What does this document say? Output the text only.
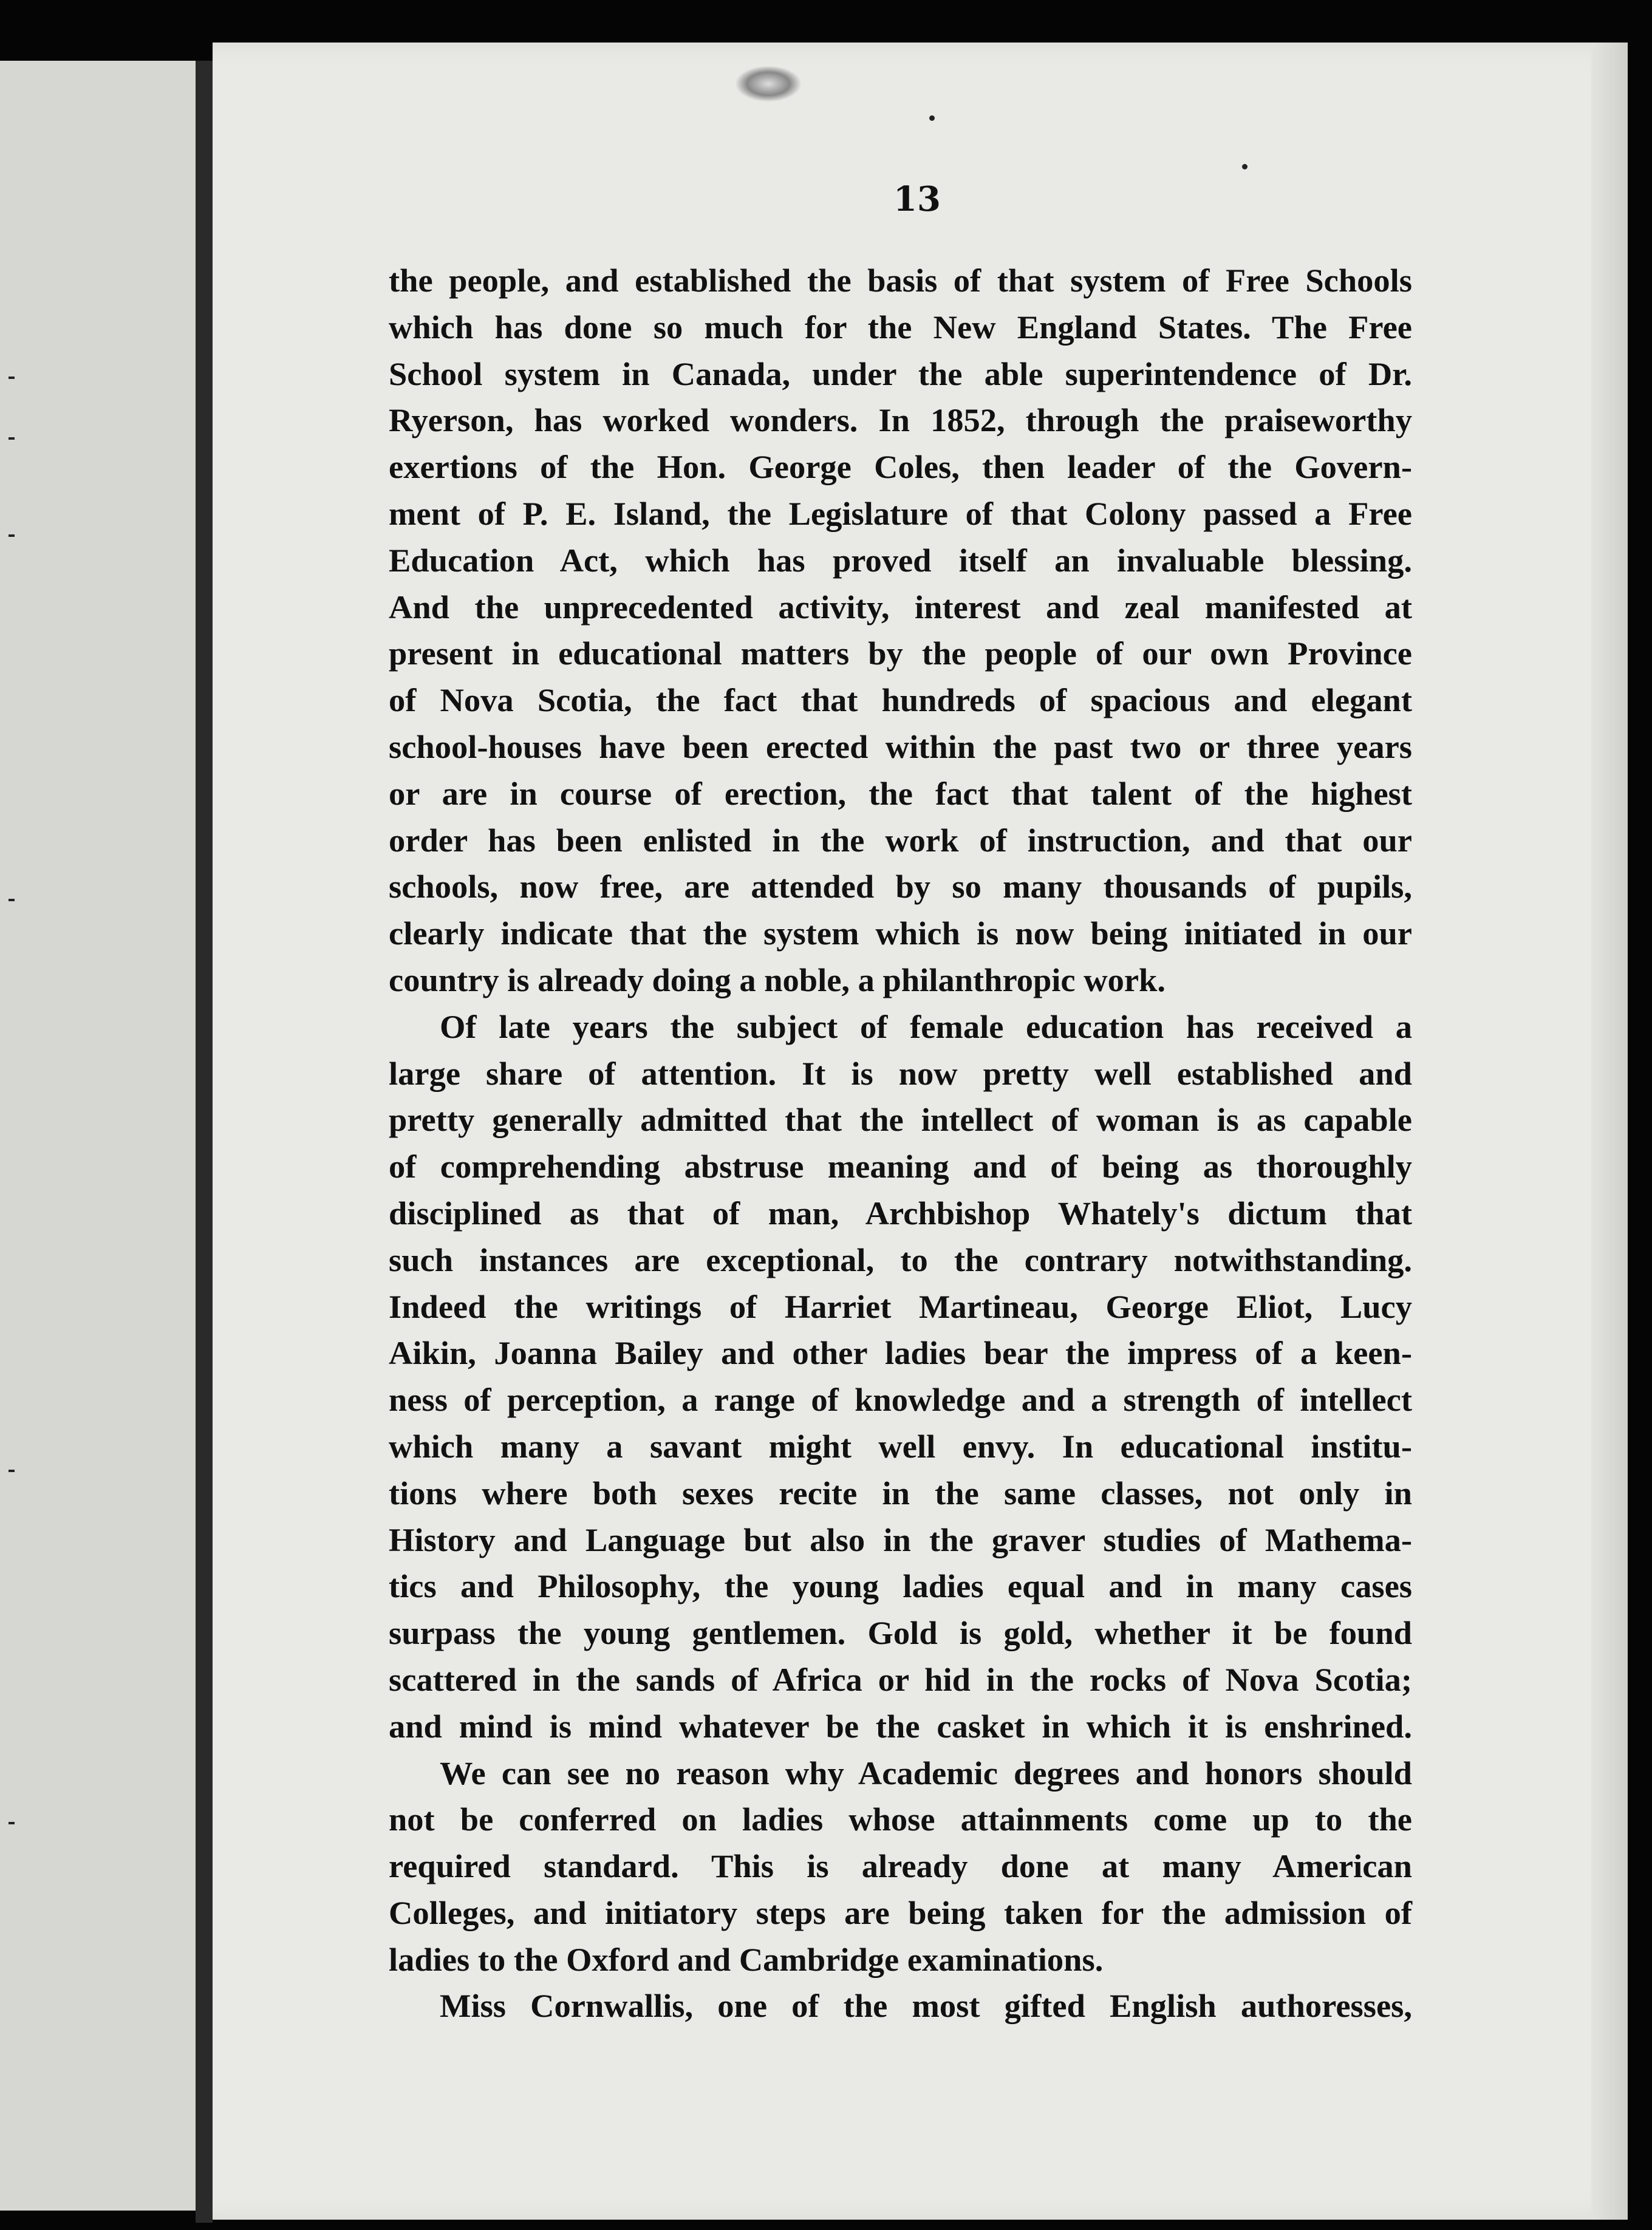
13
the people, and established the basis of that system of Free Schools
which has done so much for the New England States. The Free
School system in Canada, under the able superintendence of Dr.
Ryerson, has worked wonders. In 1852, through the praiseworthy
exertions of the Hon. George Coles, then leader of the Govern-
ment of P. E. Island, the Legislature of that Colony passed a Free
Education Act, which has proved itself an invaluable blessing.
And the unprecedented activity, interest and zeal manifested at
present in educational matters by the people of our own Province
of Nova Scotia, the fact that hundreds of spacious and elegant
school-houses have been erected within the past two or three years
or are in course of erection, the fact that talent of the highest
order has been enlisted in the work of instruction, and that our
schools, now free, are attended by so many thousands of pupils,
clearly indicate that the system which is now being initiated in our
country is already doing a noble, a philanthropic work.
Of late years the subject of female education has received a
large share of attention. It is now pretty well established and
pretty generally admitted that the intellect of woman is as capable
of comprehending abstruse meaning and of being as thoroughly
disciplined as that of man, Archbishop Whately's dictum that
such instances are exceptional, to the contrary notwithstanding.
Indeed the writings of Harriet Martineau, George Eliot, Lucy
Aikin, Joanna Bailey and other ladies bear the impress of a keen-
ness of perception, a range of knowledge and a strength of intellect
which many a savant might well envy. In educational institu-
tions where both sexes recite in the same classes, not only in
History and Language but also in the graver studies of Mathema-
tics and Philosophy, the young ladies equal and in many cases
surpass the young gentlemen. Gold is gold, whether it be found
scattered in the sands of Africa or hid in the rocks of Nova Scotia;
and mind is mind whatever be the casket in which it is enshrined.
We can see no reason why Academic degrees and honors should
not be conferred on ladies whose attainments come up to the
required standard. This is already done at many American
Colleges, and initiatory steps are being taken for the admission of
ladies to the Oxford and Cambridge examinations.
Miss Cornwallis, one of the most gifted English authoresses,
